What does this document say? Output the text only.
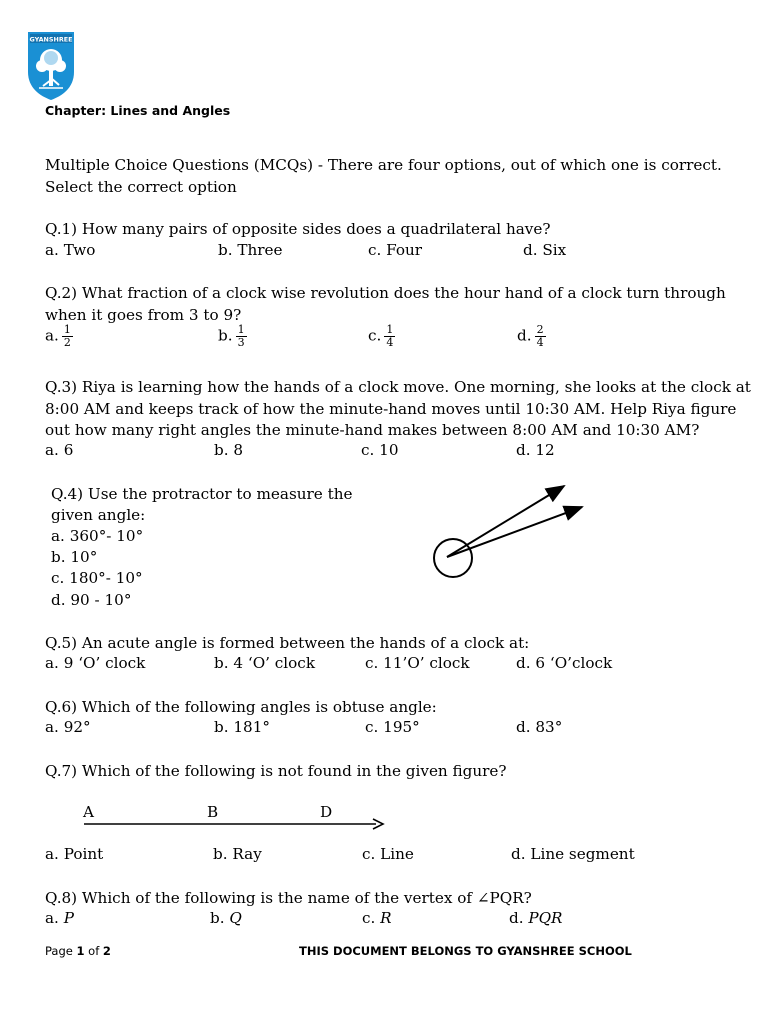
GYANSHREE
Chapter: Lines and Angles
Multiple Choice Questions (MCQs) - There are four options, out of which one is correct.
Select the correct option
Q.1) How many pairs of opposite sides does a quadrilateral have?
a. Two	b. Three	c. Four	d. Six
Q.2) What fraction of a clock wise revolution does the hour hand of a clock turn through
when it goes from 3 to 9?
a. $\frac{1}{2}$	b. $\frac{1}{3}$	c. $\frac{1}{4}$	d. $\frac{2}{4}$
Q.3) Riya is learning how the hands of a clock move. One morning, she looks at the clock at
8:00 AM and keeps track of how the minute-hand moves until 10:30 AM. Help Riya figure
out how many right angles the minute-hand makes between 8:00 AM and 10:30 AM?
a. 6	b. 8	c. 10	d. 12
Q.4) Use the protractor to measure the
given angle:
a. 360°- 10°
b. 10°
c. 180°- 10°
d. 90 - 10°
Q.5) An acute angle is formed between the hands of a clock at:
a. 9 ‘O’ clock	b. 4 ‘O’ clock	c. 11’O’ clock	d. 6 ‘O’clock
Q.6) Which of the following angles is obtuse angle:
a. 92°	b. 181°	c. 195°	d. 83°
Q.7) Which of the following is not found in the given figure?
A	B	D
a. Point	b. Ray	c. Line	d. Line segment
Q.8) Which of the following is the name of the vertex of ∠PQR?
a. P	b. Q	c. R	d. PQR
Page 1 of 2	THIS DOCUMENT BELONGS TO GYANSHREE SCHOOL
